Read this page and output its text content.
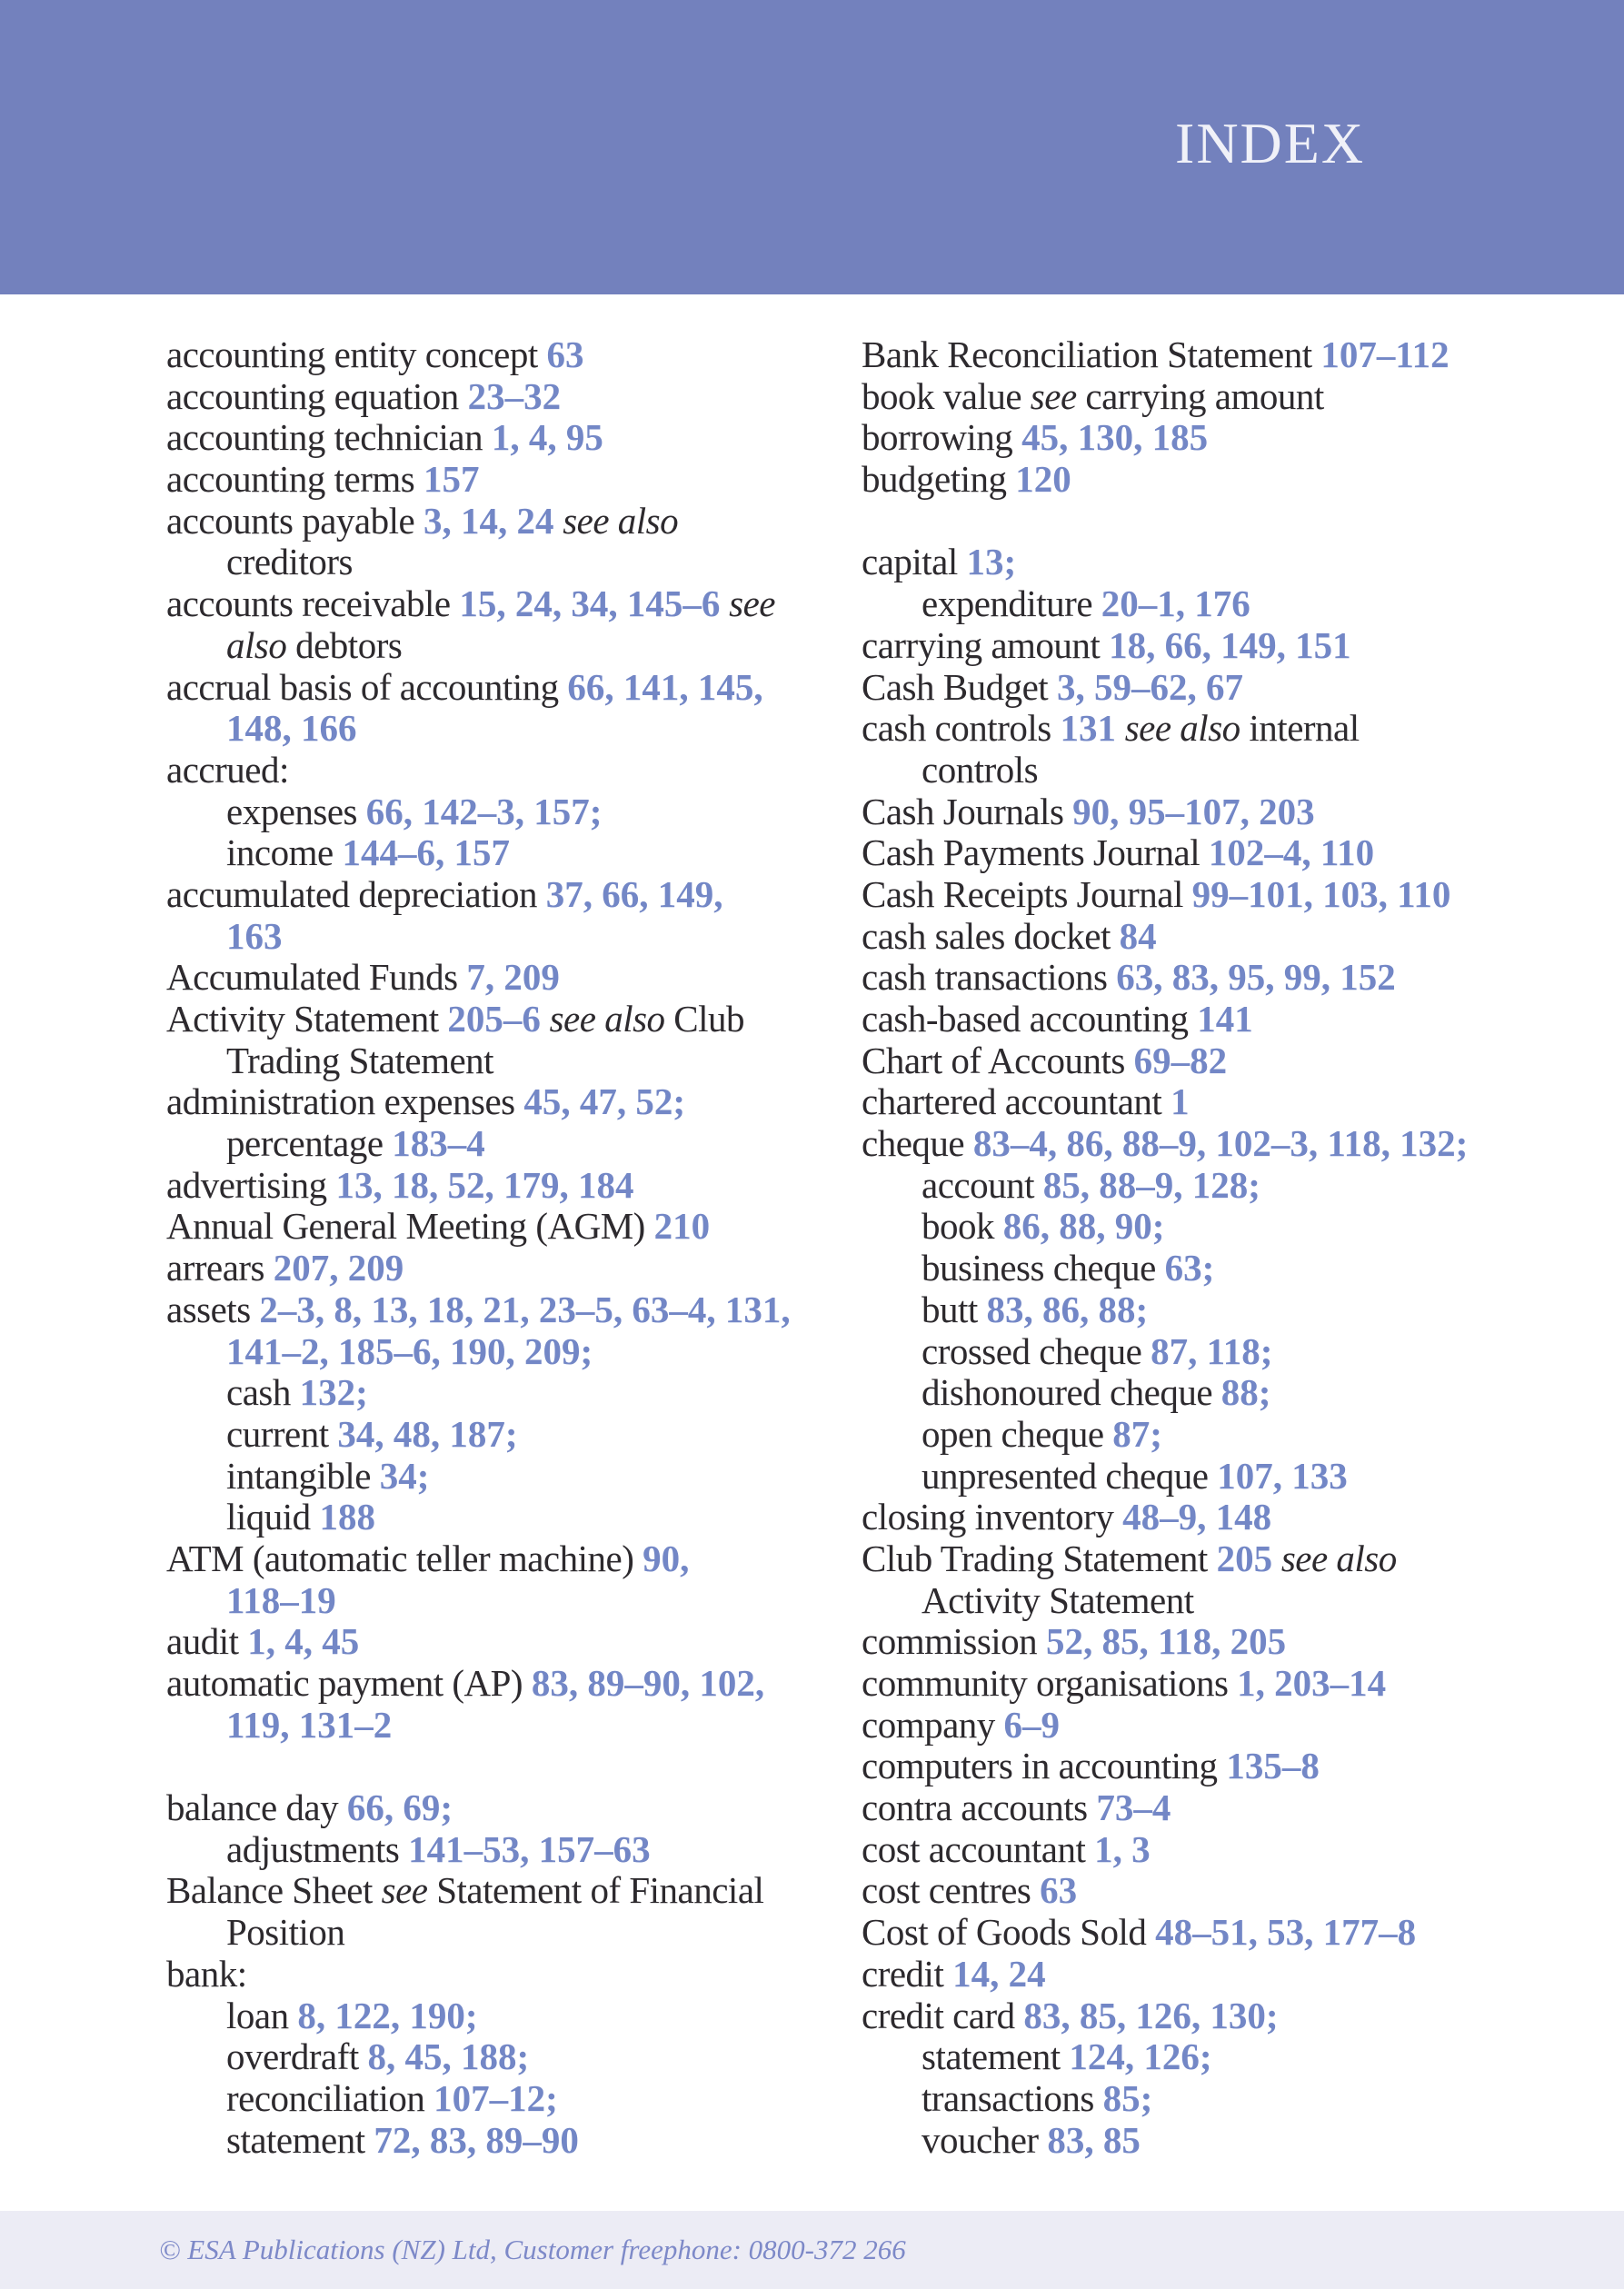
INDEX
accounting entity concept 63
accounting equation 23–32
accounting technician 1, 4, 95
accounting terms 157
accounts payable 3, 14, 24 see also
creditors
accounts receivable 15, 24, 34, 145–6 see
also debtors
accrual basis of accounting 66, 141, 145,
148, 166
accrued:
expenses 66, 142–3, 157;
income 144–6, 157
accumulated depreciation 37, 66, 149,
163
Accumulated Funds 7, 209
Activity Statement 205–6 see also Club
Trading Statement
administration expenses 45, 47, 52;
percentage 183–4
advertising 13, 18, 52, 179, 184
Annual General Meeting (AGM) 210
arrears 207, 209
assets 2–3, 8, 13, 18, 21, 23–5, 63–4, 131,
141–2, 185–6, 190, 209;
cash 132;
current 34, 48, 187;
intangible 34;
liquid 188
ATM (automatic teller machine) 90,
118–19
audit 1, 4, 45
automatic payment (AP) 83, 89–90, 102,
119, 131–2
balance day 66, 69;
adjustments 141–53, 157–63
Balance Sheet see Statement of Financial
Position
bank:
loan 8, 122, 190;
overdraft 8, 45, 188;
reconciliation 107–12;
statement 72, 83, 89–90
Bank Reconciliation Statement 107–112
book value see carrying amount
borrowing 45, 130, 185
budgeting 120
capital 13;
expenditure 20–1, 176
carrying amount 18, 66, 149, 151
Cash Budget 3, 59–62, 67
cash controls 131 see also internal
controls
Cash Journals 90, 95–107, 203
Cash Payments Journal 102–4, 110
Cash Receipts Journal 99–101, 103, 110
cash sales docket 84
cash transactions 63, 83, 95, 99, 152
cash-based accounting 141
Chart of Accounts 69–82
chartered accountant 1
cheque 83–4, 86, 88–9, 102–3, 118, 132;
account 85, 88–9, 128;
book 86, 88, 90;
business cheque 63;
butt 83, 86, 88;
crossed cheque 87, 118;
dishonoured cheque 88;
open cheque 87;
unpresented cheque 107, 133
closing inventory 48–9, 148
Club Trading Statement 205 see also
Activity Statement
commission 52, 85, 118, 205
community organisations 1, 203–14
company 6–9
computers in accounting 135–8
contra accounts 73–4
cost accountant 1, 3
cost centres 63
Cost of Goods Sold 48–51, 53, 177–8
credit 14, 24
credit card 83, 85, 126, 130;
statement 124, 126;
transactions 85;
voucher 83, 85

© ESA Publications (NZ) Ltd, Customer freephone: 0800-372 266
